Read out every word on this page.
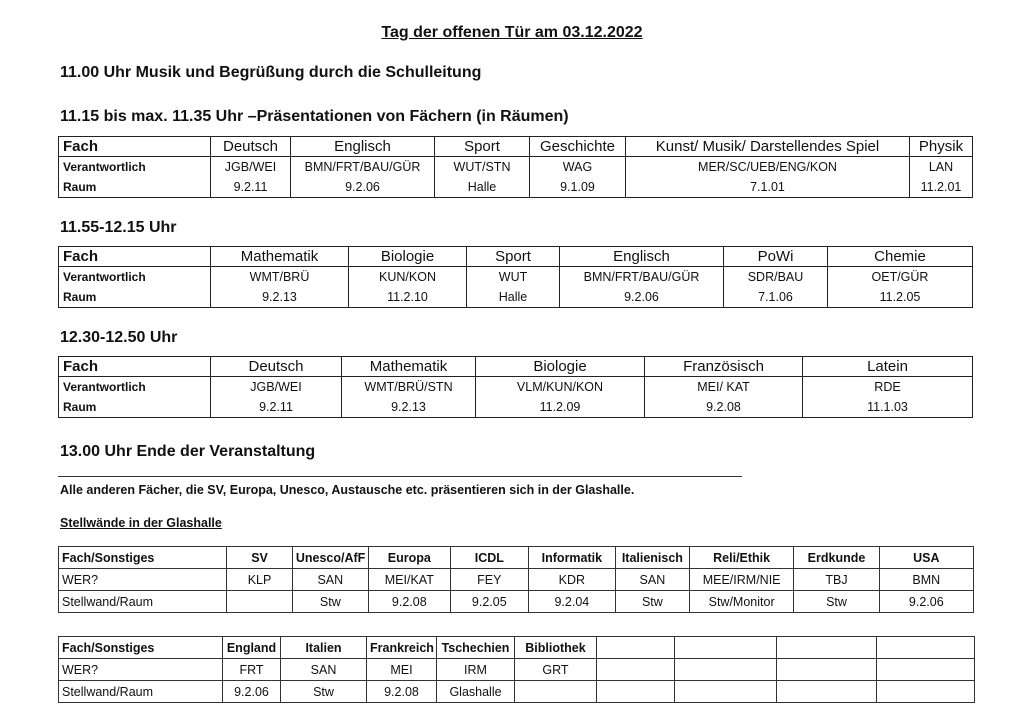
Tag der offenen Tür am 03.12.2022
11.00 Uhr Musik und Begrüßung durch die Schulleitung
11.15 bis max. 11.35 Uhr –Präsentationen von Fächern (in Räumen)
Fach	Deutsch	Englisch	Sport	Geschichte	Kunst/ Musik/ Darstellendes Spiel	Physik
Verantwortlich	JGB/WEI	BMN/FRT/BAU/GÜR	WUT/STN	WAG	MER/SC/UEB/ENG/KON	LAN
Raum	9.2.11	9.2.06	Halle	9.1.09	7.1.01	11.2.01
11.55-12.15 Uhr
Fach	Mathematik	Biologie	Sport	Englisch	PoWi	Chemie
Verantwortlich	WMT/BRÜ	KUN/KON	WUT	BMN/FRT/BAU/GÜR	SDR/BAU	OET/GÜR
Raum	9.2.13	11.2.10	Halle	9.2.06	7.1.06	11.2.05
12.30-12.50 Uhr
Fach	Deutsch	Mathematik	Biologie	Französisch	Latein
Verantwortlich	JGB/WEI	WMT/BRÜ/STN	VLM/KUN/KON	MEI/ KAT	RDE
Raum	9.2.11	9.2.13	11.2.09	9.2.08	11.1.03
13.00 Uhr Ende der Veranstaltung
Alle anderen Fächer, die SV, Europa, Unesco, Austausche etc. präsentieren sich in der Glashalle.
Stellwände in der Glashalle
Fach/Sonstiges	SV	Unesco/AfF	Europa	ICDL	Informatik	Italienisch	Reli/Ethik	Erdkunde	USA
WER?	KLP	SAN	MEI/KAT	FEY	KDR	SAN	MEE/IRM/NIE	TBJ	BMN
Stellwand/Raum		Stw	9.2.08	9.2.05	9.2.04	Stw	Stw/Monitor	Stw	9.2.06
Fach/Sonstiges	England	Italien	Frankreich	Tschechien	Bibliothek				
WER?	FRT	SAN	MEI	IRM	GRT				
Stellwand/Raum	9.2.06	Stw	9.2.08	Glashalle					
